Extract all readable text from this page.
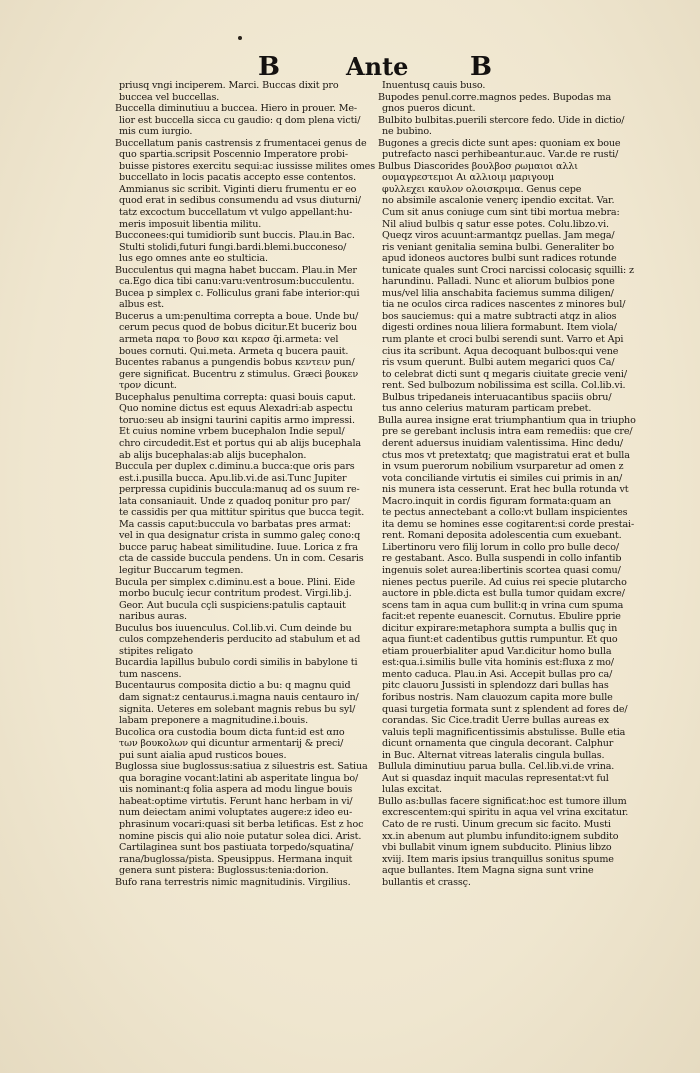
B	Ante B
priusq vngi inciperem. Marci. Buccas dixit pro
buccea vel buccellas.
Buccella diminutiuu a buccea. Hiero in prouer. Me-
lior est buccella sicca cu gaudio: q dom plena victi/
mis cum iurgio.
Buccellatum panis castrensis z frumentacei genus de
quo spartia.scripsit Poscennio Imperatore probi-
buisse pistores exercitu sequi:ac iussisse milites omes
buccellato in locis pacatis accepto esse contentos.
Ammianus sic scribit. Viginti dieru frumentu er eo
quod erat in sedibus consumendu ad vsus diuturni/
tatz excoctum buccellatum vt vulgo appellant:hu-
meris imposuit libentia militu.
Bucconees:qui tumidiorib sunt buccis. Plau.in Bac.
Stulti stolidi,futuri fungi.bardi.blemi.bucconeso/
lus ego omnes ante eo stulticia.
Bucculentus qui magna habet buccam. Plau.in Mer
ca.Ego dica tibi canu:varu:ventrosum:bucculentu.
Bucea p simplex c. Folliculus grani fabe interior:qui
albus est.
Bucerus a um:penultima correpta a boue. Unde bu/
cerum pecus quod de bobus dicitur.Et buceriz bou
armeta παρα το βουσ και κερασ q̄i.armeta: vel
boues cornuti. Qui.meta. Armeta q bucera pauit.
Bucentes rabanus a pungendis bobus κεντειν pun/
gere significat. Bucentru z stimulus. Græci βουκεν
τρον dicunt.
Bucephalus penultima correpta: quasi bouis caput.
Quo nomine dictus est equus Alexadri:ab aspectu
toruo:seu ab insigni taurini capitis armo impressi.
Et cuius nomine vrbem bucephalon Indie sepul/
chro circudedit.Est et portus qui ab alijs bucephala
ab alijs bucephalas:ab alijs bucephalon.
Buccula per duplex c.diminu.a bucca:que oris pars
est.i.pusilla bucca. Apu.lib.vi.de asi.Tunc Jupiter
perpressa cupidinis buccula:manuq ad os suum re-
lata consaniauit. Unde z quadoq ponitur pro par/
te cassidis per qua mittitur spiritus que bucca tegit.
Ma cassis caput:buccula vo barbatas pres armat:
vel in qua designatur crista in summo galeç cono:q
bucce paruç habeat similitudine. Iuue. Lorica z fra
cta de casside buccula pendens. Un in com. Cesaris
legitur Buccarum tegmen.
Bucula per simplex c.diminu.est a boue. Plini. Eide
morbo buculç iecur contritum prodest. Virgi.lib.j.
Geor. Aut bucula cçli suspiciens:patulis captauit
naribus auras.
Buculus bos iuuenculus. Col.lib.vi. Cum deinde bu
culos compzehenderis perducito ad stabulum et ad
stipites religato
Bucardia lapillus bubulo cordi similis in babylone ti
tum nascens.
Bucentaurus composita dictio a bu: q magnu quid
dam signat:z centaurus.i.magna nauis centauro in/
signita. Ueteres em solebant magnis rebus bu syl/
labam preponere a magnitudine.i.bouis.
Bucolica ora custodia boum dicta funt:id est απο
των βουκολων qui dicuntur armentarij & preci/
pui sunt aialia apud rusticos boues.
Buglossa siue buglossus:satiua z siluestris est. Satiua
qua boragine vocant:latini ab asperitate lingua bo/
uis nominant:q folia aspera ad modu lingue bouis
habeat:optime virtutis. Ferunt hanc herbam in vi/
num deiectam animi voluptates augere:z ideo eu-
phrasinum vocari:quasi sit berba letificas. Est z hoc
nomine piscis qui alio noie putatur solea dici. Arist.
Cartilaginea sunt bos pastiuata torpedo/squatina/
rana/buglossa/pista. Speusippus. Hermana inquit
genera sunt pistera: Buglossus:tenia:dorion.
Bufo rana terrestris nimic magnitudinis. Virgilius.
Inuentusq cauis buso.
Bupodes penul.corre.magnos pedes. Bupodas ma
gnos pueros dicunt.
Bulbito bulbitas.puerili stercore fedo. Uide in dictio/
ne bubino.
Bugones a grecis dicte sunt apes: quoniam ex boue
putrefacto nasci perhibeantur.auc. Var.de re rusti/
Bulbus Diascorides βουλβοσ ρωμαιοι αλλι
ουμαγρεστεμοι Αι αλλιοιμ μαριγουμ
φυλλεχει καυλον ολοισκριμα. Genus cepe
no absimile ascalonie venerç ipendio excitat. Var.
Cum sit anus coniuge cum sint tibi mortua mebra:
Nil aliud bulbis q satur esse potes. Colu.libzo.vi.
Queqz viros acuunt:armantqz puellas. Jam mega/
ris veniant genitalia semina bulbi. Generaliter bo
apud idoneos auctores bulbi sunt radices rotunde
tunicate quales sunt Croci narcissi colocasiç squilli: z
harundinu. Palladi. Nunc et aliorum bulbios pone
mus/vel lilia anschabita faciemus summa diligen/
tia ne oculos circa radices nascentes z minores bul/
bos sauciemus: qui a matre subtracti atqz in alios
digesti ordines noua liliera formabunt. Item viola/
rum plante et croci bulbi serendi sunt. Varro et Api
cius ita scribunt. Aqua decoquant bulbos:qui vene
ris vsum querunt. Bulbi autem megarici quos Ca/
to celebrat dicti sunt q megaris ciuitate grecie veni/
rent. Sed bulbozum nobilissima est scilla. Col.lib.vi.
Bulbus tripedaneis interuacantibus spaciis obru/
tus anno celerius maturam particam prebet.
Bulla aurea insigne erat triumphantium qua in triupho
pre se gerebant inclusis intra eam remediis: que cre/
derent aduersus inuidiam valentissima. Hinc dedu/
ctus mos vt pretextatq; que magistratui erat et bulla
in vsum puerorum nobilium vsurparetur ad omen z
vota conciliande virtutis ei similes cui primis in an/
nis munera ista cesserunt. Erat hec bulla rotunda vt
Macro.inquit in cordis figuram formata:quam an
te pectus annectebant a collo:vt bullam inspicientes
ita demu se homines esse cogitarent:si corde prestai-
rent. Romani deposita adolescentia cum exuebant.
Libertinoru vero filij lorum in collo pro bulle deco/
re gestabant. Asco. Bulla suspendi in collo infantib
ingenuis solet aurea:libertinis scortea quasi comu/
nienes pectus puerile. Ad cuius rei specie plutarcho
auctore in pble.dicta est bulla tumor quidam excre/
scens tam in aqua cum bullit:q in vrina cum spuma
facit:et repente euanescit. Cornutus. Ebulire pprie
dicitur expirare:metaphora sumpta a bullis quç in
aqua fiunt:et cadentibus guttis rumpuntur. Et quo
etiam prouerbialiter apud Var.dicitur homo bulla
est:qua.i.similis bulle vita hominis est:fluxa z mo/
mento caduca. Plau.in Asi. Accepit bullas pro ca/
pitc clauoru Jussisti in splendozz dari bullas has
foribus nostris. Nam clauozum capita more bulle
quasi turgetia formata sunt z splendent ad fores de/
corandas. Sic Cice.tradit Uerre bullas aureas ex
valuis tepli magnificentissimis abstulisse. Bulle etia
dicunt ornamenta que cingula decorant. Calphur
in Buc. Alternat vitreas lateralis cingula bullas.
Bullula diminutiuu parua bulla. Cel.lib.vi.de vrina.
Aut si quasdaz inquit maculas representat:vt ful
lulas excitat.
Bullo as:bullas facere significat:hoc est tumore illum
excrescentem:qui spiritu in aqua vel vrina excitatur.
Cato de re rusti. Uinum grecum sic facito. Musti
xx.in abenum aut plumbu infundito:ignem subdito
vbi bullabit vinum ignem subducito. Plinius libzo
xviij. Item maris ipsius tranquillus sonitus spume
aque bullantes. Item Magna signa sunt vrine
bullantis et crassç.
